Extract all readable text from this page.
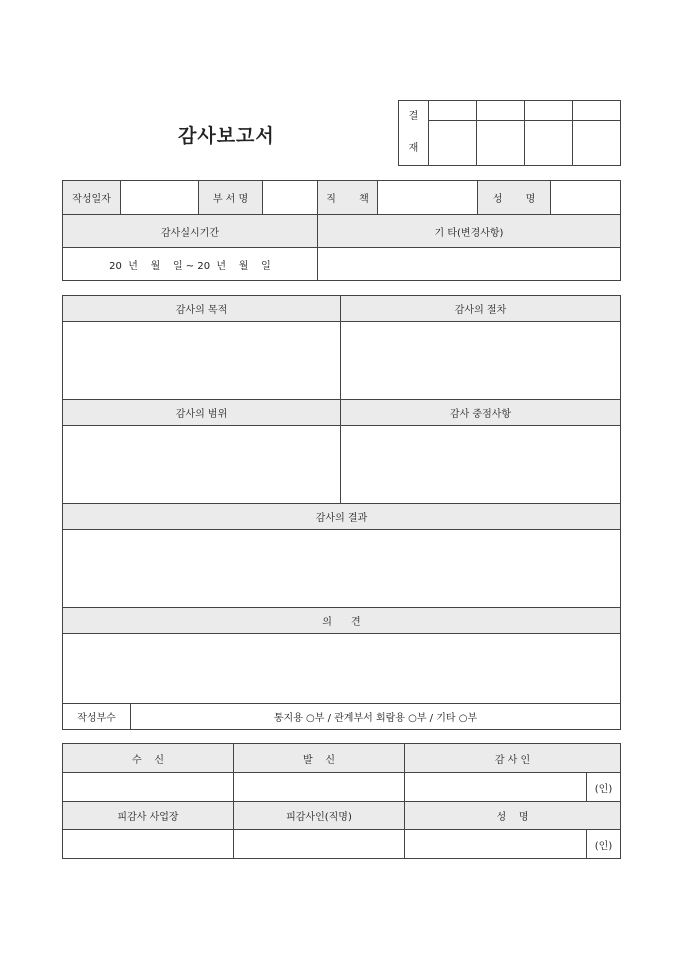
감사보고서
결
재				

작성일자		부 서 명		직 책		성 명	
감사실시기간				기 타(변경사항)			
20  년    월    일 ~ 20  년    월    일							
감사의 목적		감사의 절차

감사의 범위		감사 중점사항

감사의 결과		

의      견		

작성부수	통지용 ○부 / 관계부서 회람용 ○부 / 기타 ○부	
수    신	발    신	감 사 인	
			(인)
피감사 사업장	피감사인(직명)	성    명	
			(인)
